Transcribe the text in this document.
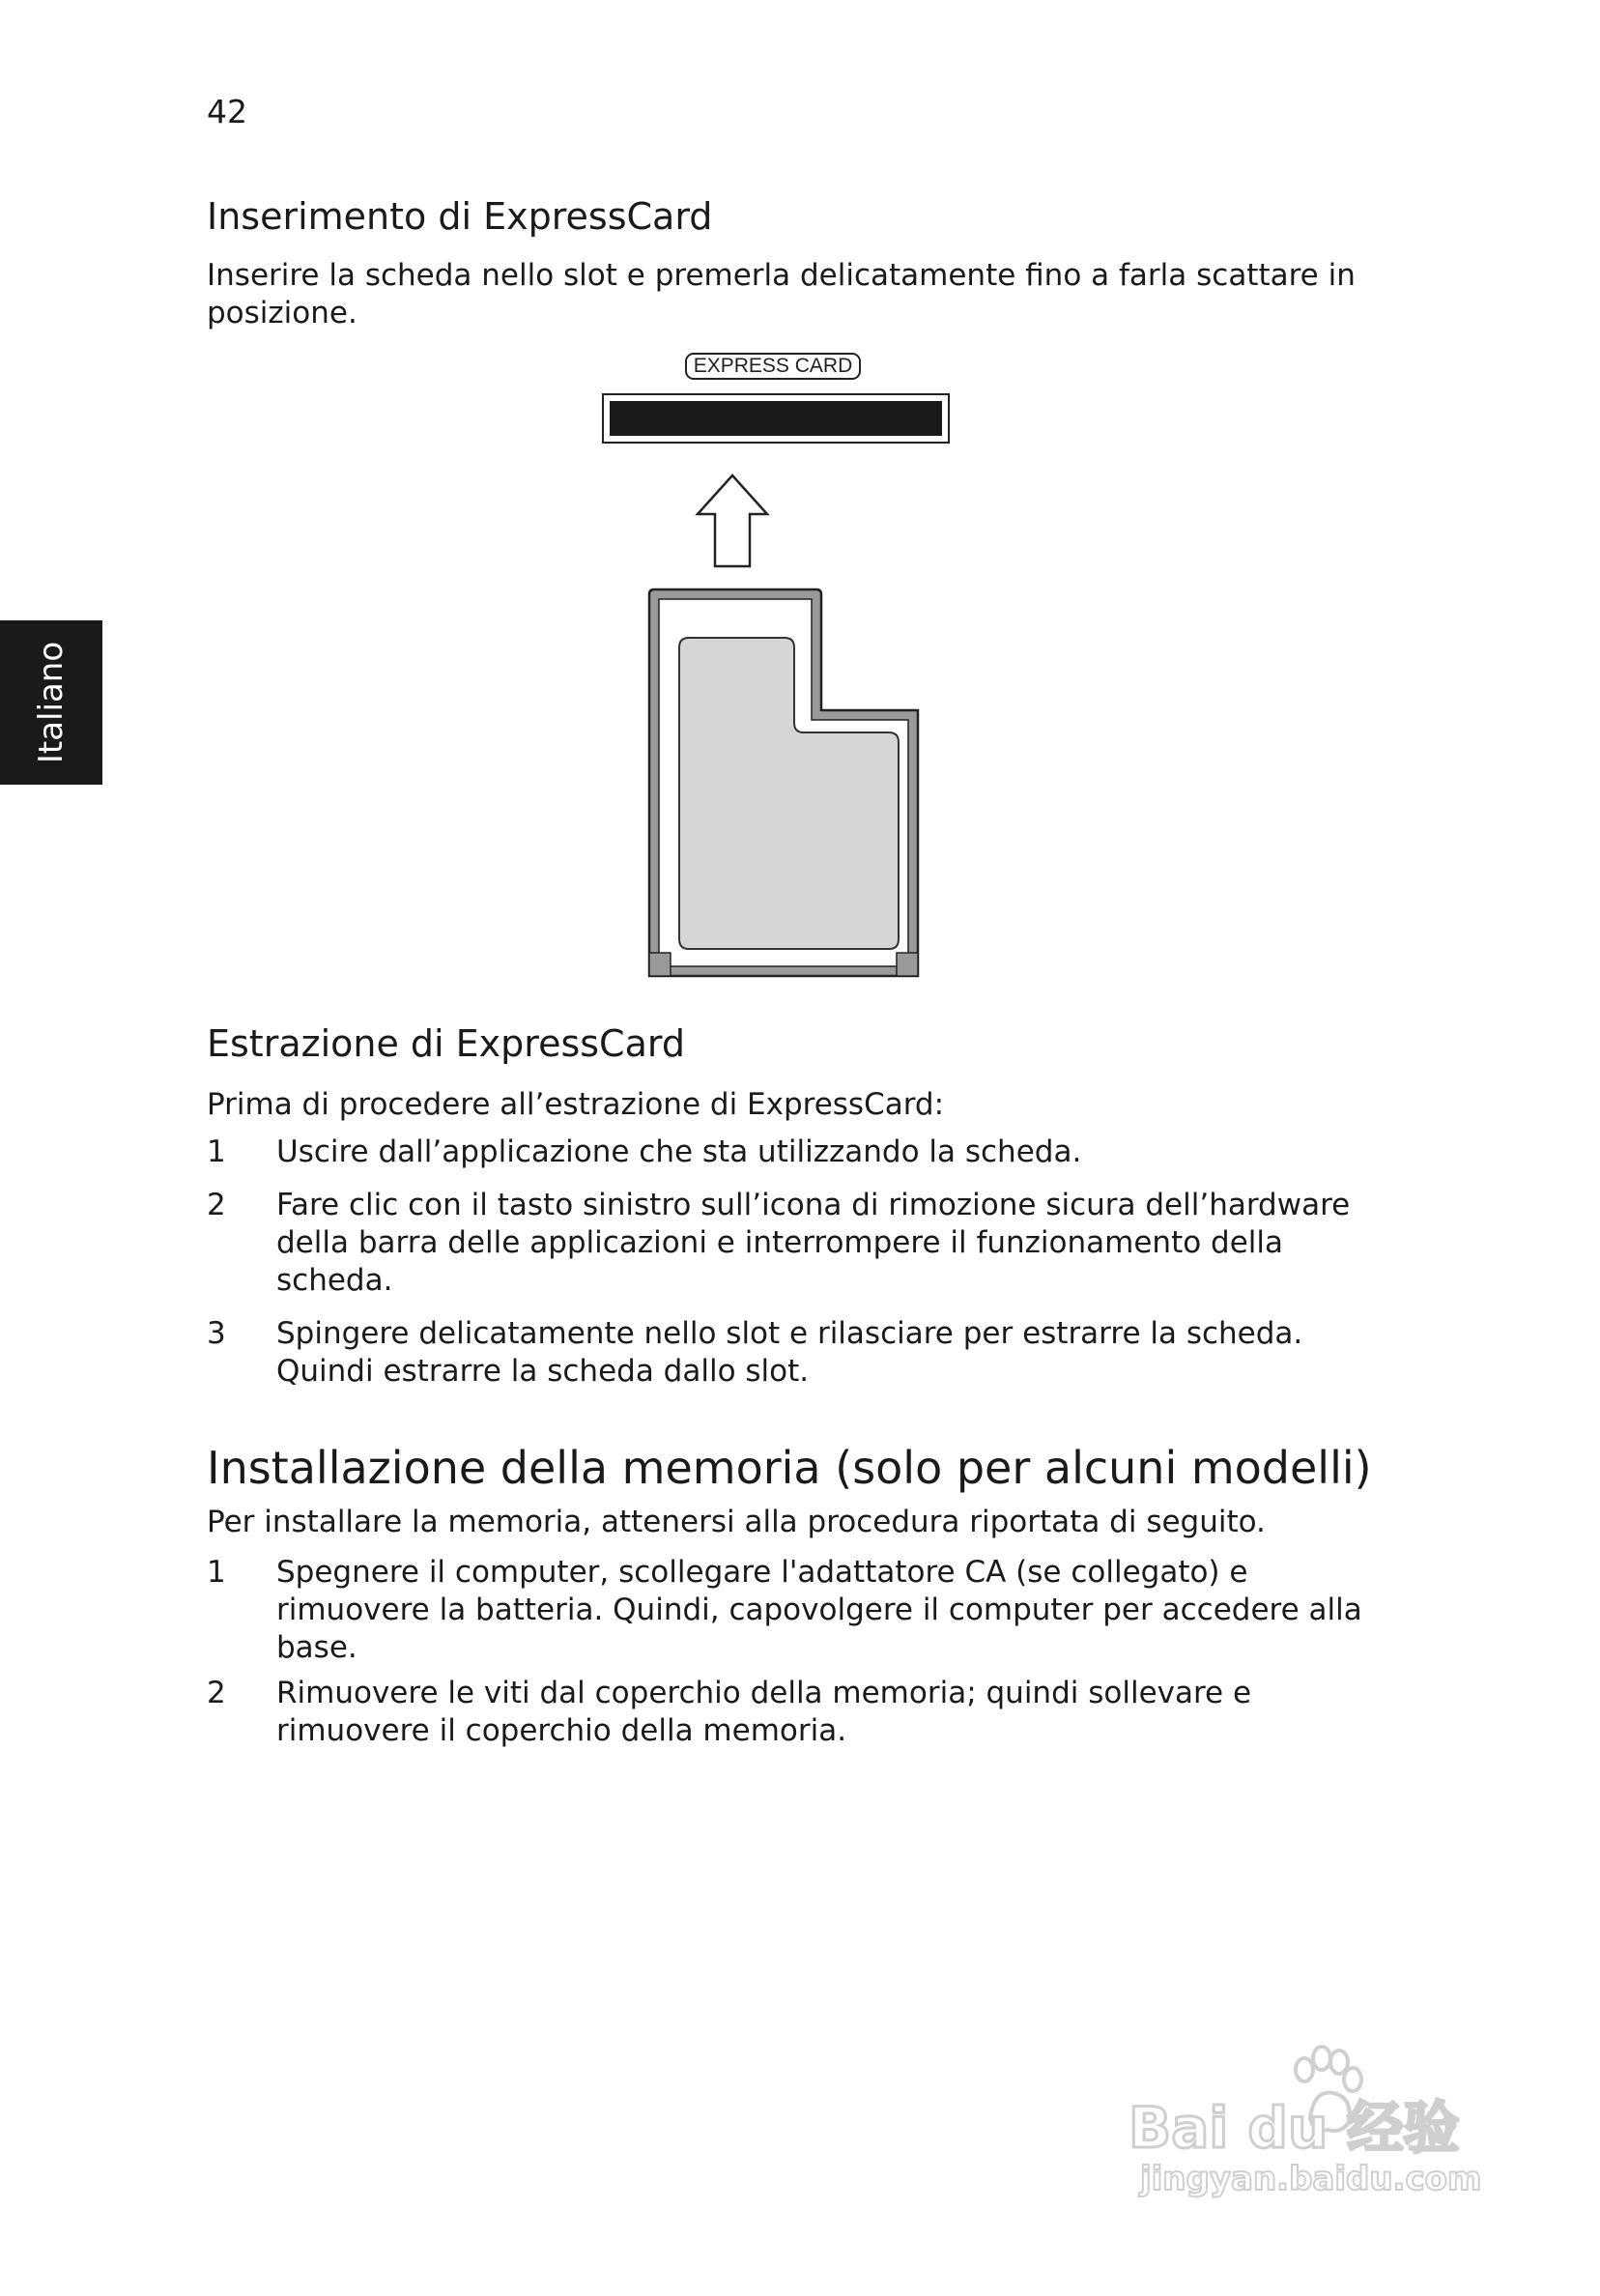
42
Italiano
Inserimento di ExpressCard
Inserire la scheda nello slot e premerla delicatamente fino a farla scattare in posizione.
EXPRESS CARD
Estrazione di ExpressCard
Prima di procedere all’estrazione di ExpressCard:
1 Uscire dall’applicazione che sta utilizzando la scheda.
2 Fare clic con il tasto sinistro sull’icona di rimozione sicura dell’hardware della barra delle applicazioni e interrompere il funzionamento della scheda.
3 Spingere delicatamente nello slot e rilasciare per estrarre la scheda. Quindi estrarre la scheda dallo slot.
Installazione della memoria (solo per alcuni modelli)
Per installare la memoria, attenersi alla procedura riportata di seguito.
1 Spegnere il computer, scollegare l'adattatore CA (se collegato) e rimuovere la batteria. Quindi, capovolgere il computer per accedere alla base.
2 Rimuovere le viti dal coperchio della memoria; quindi sollevare e rimuovere il coperchio della memoria.
Bai du 经验
jingyan.baidu.com
